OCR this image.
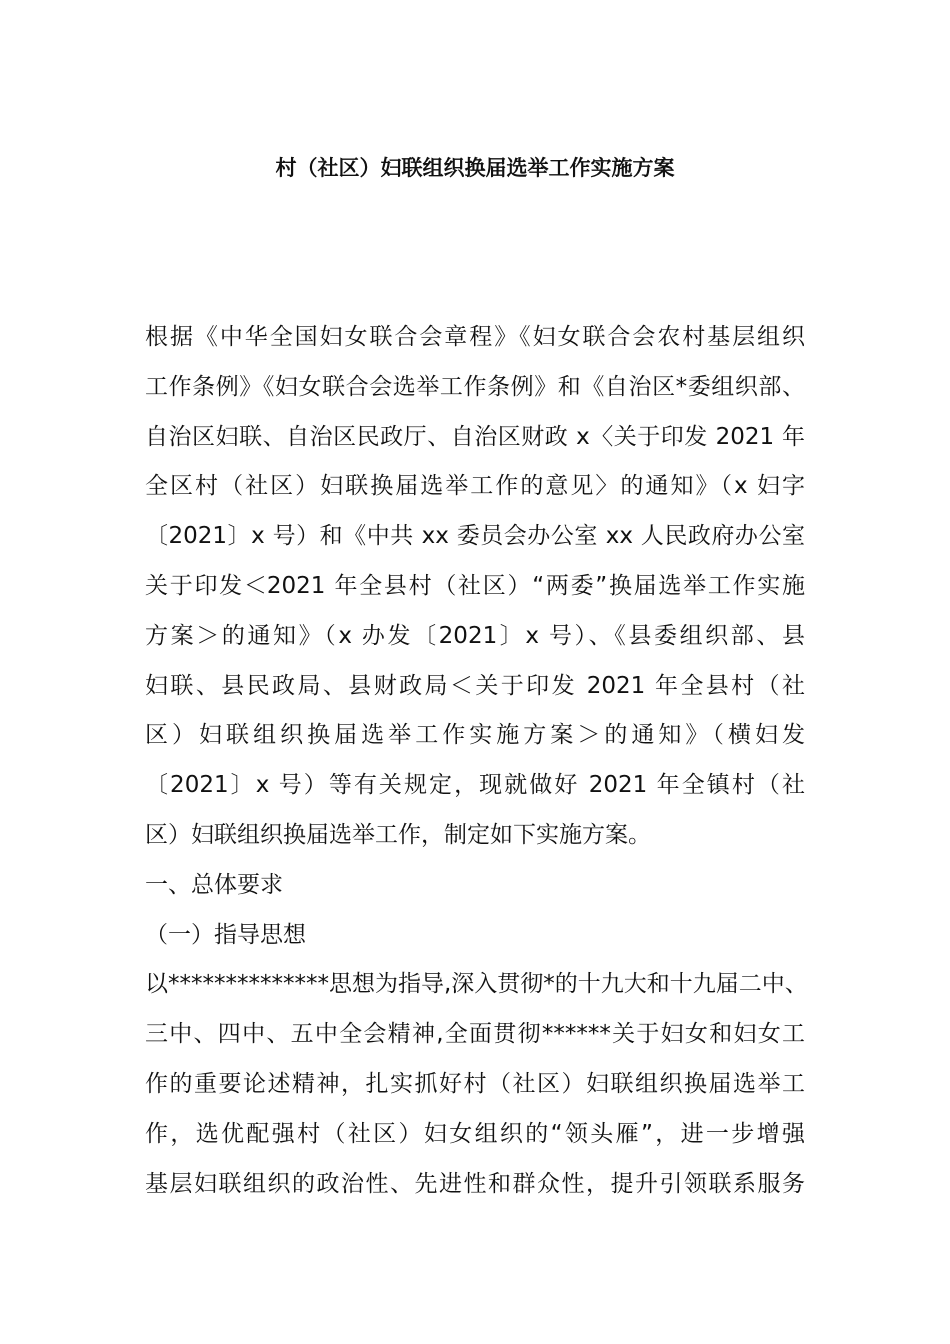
村（社区）妇联组织换届选举工作实施方案
根据《中华全国妇女联合会章程》《妇女联合会农村基层组织
工作条例》《妇女联合会选举工作条例》和《自治区*委组织部、
自治区妇联、自治区民政厅、自治区财政 x〈关于印发 2021 年
全区村（社区）妇联换届选举工作的意见〉的通知》（x 妇字
〔2021〕x 号）和《中共 xx 委员会办公室 xx 人民政府办公室
关于印发＜2021 年全县村（社区）“两委”换届选举工作实施
方案＞的通知》（x 办发〔2021〕x 号）、《县委组织部、县
妇联、县民政局、县财政局＜关于印发 2021 年全县村（社
区）妇联组织换届选举工作实施方案＞的通知》（横妇发
〔2021〕x 号）等有关规定，现就做好 2021 年全镇村（社
区）妇联组织换届选举工作，制定如下实施方案。
一、总体要求
（一）指导思想
以**************思想为指导,深入贯彻*的十九大和十九届二中、
三中、四中、五中全会精神,全面贯彻******关于妇女和妇女工
作的重要论述精神，扎实抓好村（社区）妇联组织换届选举工
作，选优配强村（社区）妇女组织的“领头雁”，进一步增强
基层妇联组织的政治性、先进性和群众性，提升引领联系服务
